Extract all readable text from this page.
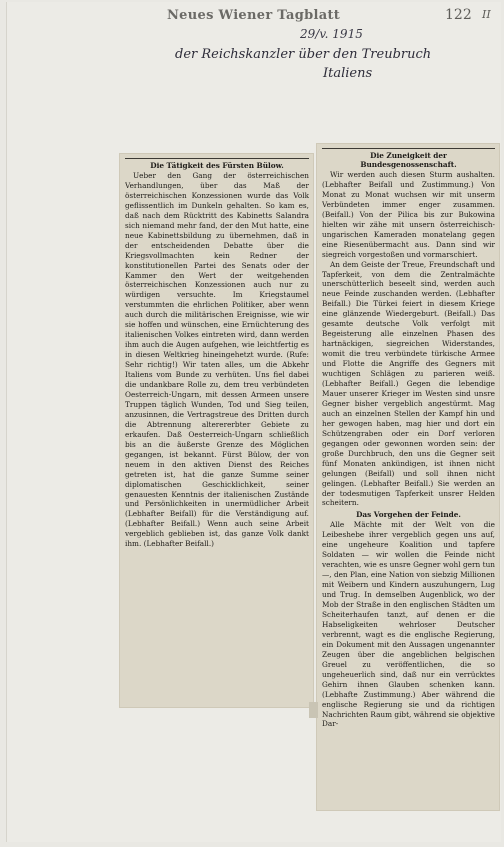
Neues Wiener Tagblatt	122 II
29/v. 1915
der Reichskanzler über den Treubruch
Italiens
Die Tätigkeit des Fürsten Bülow.

Ueber den Gang der österreichischen Verhandlungen, über das Maß der österreichischen Konzessionen wurde das Volk geflissentlich im Dunkeln gehalten. So kam es, daß nach dem Rücktritt des Kabinetts Salandra sich niemand mehr fand, der den Mut hatte, eine neue Kabinettsbildung zu übernehmen, daß in der entscheidenden Debatte über die Kriegsvollmachten kein Redner der konstitutionellen Partei des Senats oder der Kammer den Wert der weitgehenden österreichischen Konzessionen auch nur zu würdigen versuchte. Im Kriegstaumel verstummten die ehrlichen Politiker, aber wenn auch durch die militärischen Ereignisse, wie wir sie hoffen und wünschen, eine Ernüchterung des italienischen Volkes eintreten wird, dann werden ihm auch die Augen aufgehen, wie leichtfertig es in diesen Weltkrieg hineingehetzt wurde. (Rufe: Sehr richtig!) Wir taten alles, um die Abkehr Italiens vom Bunde zu verhüten. Uns fiel dabei die undankbare Rolle zu, dem treu verbündeten Oesterreich-Ungarn, mit dessen Armeen unsere Truppen täglich Wunden, Tod und Sieg teilen, anzusinnen, die Vertragstreue des Dritten durch die Abtrennung alterererbter Gebiete zu erkaufen. Daß Oesterreich-Ungarn schließlich bis an die äußerste Grenze des Möglichen gegangen, ist bekannt. Fürst Bülow, der von neuem in den aktiven Dienst des Reiches getreten ist, hat die ganze Summe seiner diplomatischen Geschicklichkeit, seiner genauesten Kenntnis der italienischen Zustände und Persönlichkeiten in unermüdlicher Arbeit (Lebhafter Beifall) für die Verständigung auf. (Lebhafter Beifall.) Wenn auch seine Arbeit vergeblich geblieben ist, das ganze Volk dankt ihm. (Lebhafter Beifall.)

Die Zuneigkeit der Bundesgenossenschaft.

Wir werden auch diesen Sturm aushalten. (Lebhafter Beifall und Zustimmung.) Von Monat zu Monat wuchsen wir mit unserm Verbündeten immer enger zusammen. (Beifall.) Von der Pilica bis zur Bukowina hielten wir zähe mit unsern österreichisch-ungarischen Kameraden monatelang gegen eine Riesenübermacht aus. Dann sind wir siegreich vorgestoßen und vormarschiert.

An dem Geiste der Treue, Freundschaft und Tapferkeit, von dem die Zentralmächte unerschütterlich beseelt sind, werden auch neue Feinde zuschanden werden. (Lebhafter Beifall.) Die Türkei feiert in diesem Kriege eine glänzende Wiedergeburt. (Beifall.) Das gesamte deutsche Volk verfolgt mit Begeisterung alle einzelnen Phasen des hartnäckigen, siegreichen Widerstandes, womit die treu verbündete türkische Armee und Flotte die Angriffe des Gegners mit wuchtigen Schlägen zu parieren weiß. (Lebhafter Beifall.) Gegen die lebendige Mauer unserer Krieger im Westen sind unsre Gegner bisher vergeblich angestürmt. Mag auch an einzelnen Stellen der Kampf hin und her gewogen haben, mag hier und dort ein Schützengraben oder ein Dorf verloren gegangen oder gewonnen worden sein: der große Durchbruch, den uns die Gegner seit fünf Monaten ankündigen, ist ihnen nicht gelungen (Beifall) und soll ihnen nicht gelingen. (Lebhafter Beifall.) Sie werden an der todesmutigen Tapferkeit unsrer Helden scheitern.

Das Vorgehen der Feinde.

Alle Mächte mit der Welt von die Leibeshebe ihrer vergeblich gegen uns auf, eine ungeheure Koalition und tapfere Soldaten — wir wollen die Feinde nicht verachten, wie es unsre Gegner wohl gern tun —, den Plan, eine Nation von siebzig Millionen mit Weibern und Kindern auszuhungern, Lug und Trug. In demselben Augenblick, wo der Mob der Straße in den englischen Städten um Scheiterhaufen tanzt, auf denen er die Habseligkeiten wehrloser Deutscher verbrennt, wagt es die englische Regierung, ein Dokument mit den Aussagen ungenannter Zeugen über die angeblichen belgischen Greuel zu veröffentlichen, die so ungeheuerlich sind, daß nur ein verrücktes Gehirn ihnen Glauben schenken kann. (Lebhafte Zustimmung.) Aber während die englische Regierung sie und da richtigen Nachrichten Raum gibt, während sie objektive Dar-
